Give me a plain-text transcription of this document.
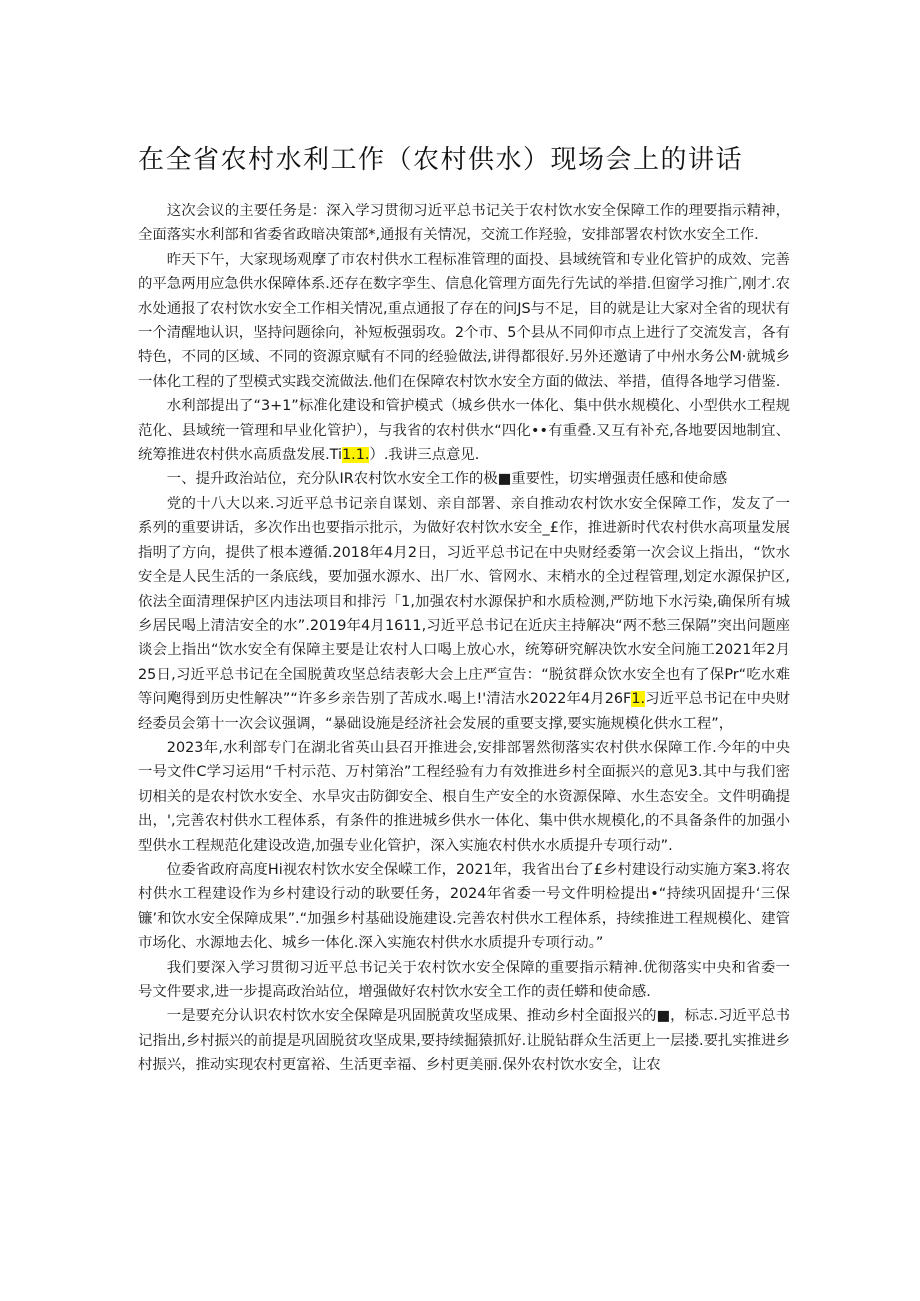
在全省农村水利工作（农村供水）现场会上的讲话

这次会议的主要任务是：深入学习贯彻习近平总书记关于农村饮水安全保障工作的理要指示精神，全面落实水利部和省委省政暗决策部*,通报有关情况，交流工作羟验，安排部署农村饮水安全工作.

昨天下午，大家现场观摩了市农村供水工程标准管理的面投、县域统管和专业化管护的成效、完善的平急两用应急供水保障体系.还存在数字孪生、信息化管理方面先行先试的举措.但窗学习推广,刚才.农水处通报了农村饮水安全工作相关情况,重点通报了存在的问JS与不足，目的就是让大家对全省的现状有一个清醒地认识，坚持问题徐向，补短板强弱攻。2个市、5个县从不同仰市点上进行了交流发言，各有特色，不同的区域、不同的资源京赋有不同的经验做法,讲得都很好.另外还邀请了中州水务公M·就城乡一体化工程的了型模式实践交流做法.他们在保障农村饮水安全方面的做法、举措，值得各地学习借鉴.

水利部提出了“3+1”标准化建设和管护模式（城乡供水一体化、集中供水规模化、小型供水工程规范化、县域统一管理和早业化管护），与我省的农村供水“四化••有重叠.又互有补充,各地要因地制宜、统筹推进农村供水高质盘发展.Ti1.1.）.我讲三点意见.

一、提升政治站位，充分队IR农村饮水安全工作的极■重要性，切实增强责任感和使命感

党的十八大以来.习近平总书记亲自谋划、亲自部署、亲自推动农村饮水安全保障工作，发友了一系列的重要讲话，多次作出也要指示批示，为做好农村饮水安全_£作，推进新时代农村供水高项量发展指明了方向，提供了根本遵循.2018年4月2日，习近平总书记在中央财经委第一次会议上指出，“饮水安全是人民生活的一条底线，要加强水源水、出厂水、管网水、末梢水的全过程管理,划定水源保护区,依法全面清理保护区内违法项目和排污「1,加强农村水源保护和水质检测,严防地下水污染,确保所有城乡居民喝上清洁安全的水”.2019年4月1611,习近平总书记在近庆主持解决“两不愁三保隔”突出问题座谈会上指出“饮水安全有保障主要是让农村人口喝上放心水，统筹研究解决饮水安全问施工2021年2月25日,习近平总书记在全国脱黄攻坚总结表彰大会上庄严宣告：“脱贫群众饮水安全也有了保Pr“吃水难等问飑得到历史性解决”“许多乡亲告别了苦成水.喝上!'清洁水2022年4月26F1.习近平总书记在中央财经委员会第十一次会议强调，“暴础设施是经济社会发展的重要支撑,要实施规模化供水工程”，

2023年,水利部专门在湖北省英山县召开推进会,安排部署然彻落实农村供水保障工作.今年的中央一号文件C学习运用“千村示范、万村第治”工程经验有力有效推进乡村全面振兴的意见3.其中与我们密切相关的是农村饮水安全、水旱灾击防御安全、根自生产安全的水资源保障、水生态安全。文件明确提出，',完善农村供水工程体系，有条件的推进城乡供水一体化、集中供水规模化,的不具备条件的加强小型供水工程规范化建设改造,加强专业化管护，深入实施农村供水水质提升专项行动”.

位委省政府高度Hi视农村饮水安全保嵘工作，2021年，我省出台了£乡村建设行动实施方案3.将农村供水工程建设作为乡村建设行动的耿要任务，2024年省委一号文件明检提出•“持续巩固提升‘三保镰’和饮水安全保障成果”.“加强乡村基础设施建设.完善农村供水工程体系，持续推进工程规模化、建管市场化、水源地去化、城乡一体化.深入实施农村供水水质提升专项行动。”

我们要深入学习贯彻习近平总书记关于农村饮水安全保障的重要指示精神.优彻落实中央和省委一号文件要求,进一步提高政治站位，增强做好农村饮水安全工作的责任蟒和使命感.

一是要充分认识农村饮水安全保障是巩固脱黄攻坚成果、推动乡村全面报兴的■，标志.习近平总书记指出,乡村振兴的前提是巩固脱贫攻坚成果,要持续掘猿抓好.让脱钻群众生活更上一层搂.要扎实推进乡村振兴，推动实现农村更富裕、生活更幸福、乡村更美丽.保外农村饮水安全，让农
